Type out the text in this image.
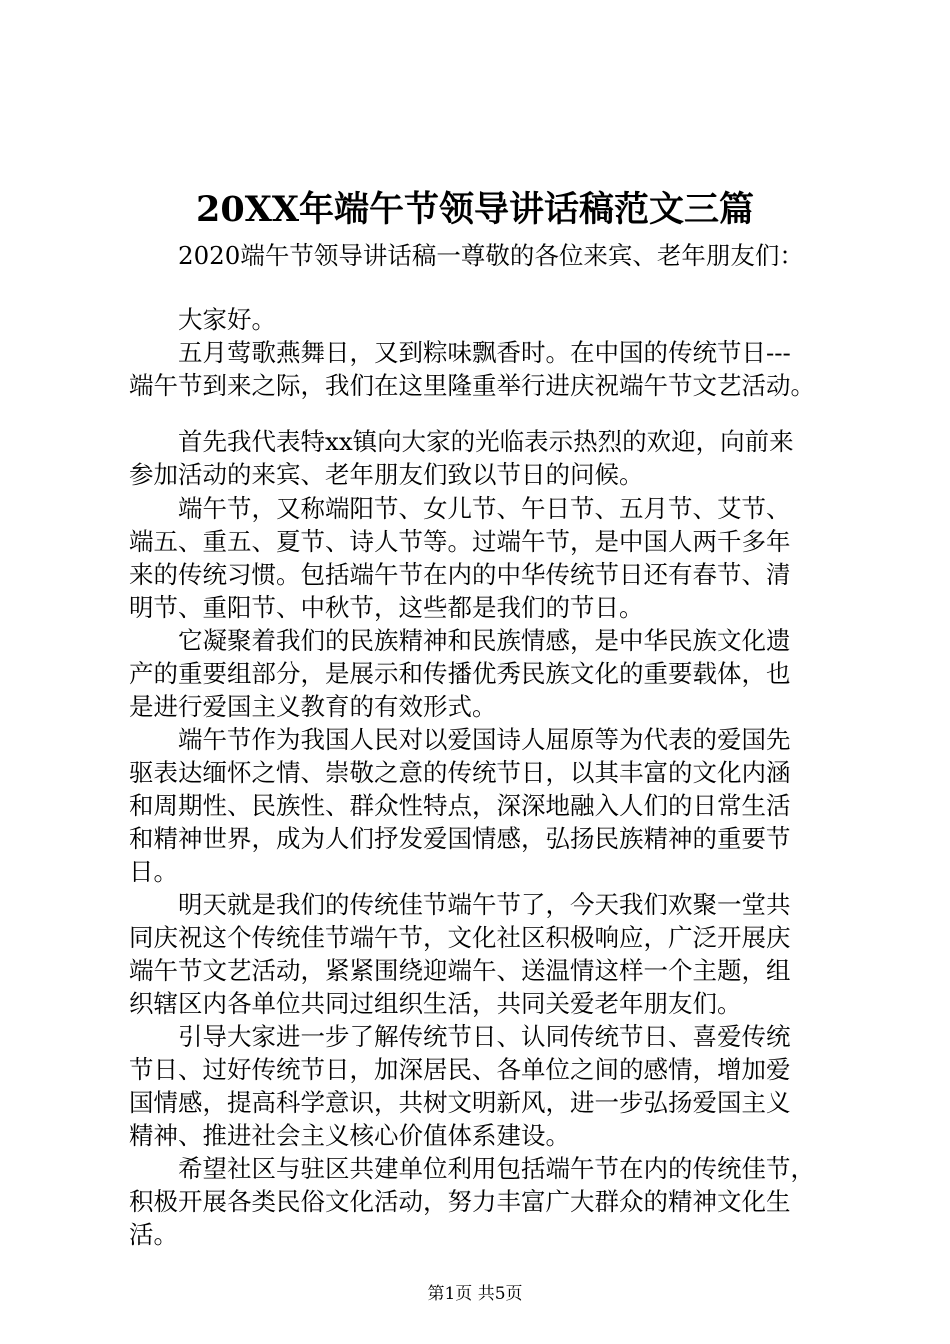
20XX年端午节领导讲话稿范文三篇
2020端午节领导讲话稿一尊敬的各位来宾、老年朋友们：
大家好。
五月莺歌燕舞日，又到粽味飘香时。在中国的传统节日---
端午节到来之际，我们在这里隆重举行进庆祝端午节文艺活动。
首先我代表特xx镇向大家的光临表示热烈的欢迎，向前来
参加活动的来宾、老年朋友们致以节日的问候。
端午节，又称端阳节、女儿节、午日节、五月节、艾节、
端五、重五、夏节、诗人节等。过端午节，是中国人两千多年
来的传统习惯。包括端午节在内的中华传统节日还有春节、清
明节、重阳节、中秋节，这些都是我们的节日。
它凝聚着我们的民族精神和民族情感，是中华民族文化遗
产的重要组部分，是展示和传播优秀民族文化的重要载体，也
是进行爱国主义教育的有效形式。
端午节作为我国人民对以爱国诗人屈原等为代表的爱国先
驱表达缅怀之情、崇敬之意的传统节日，以其丰富的文化内涵
和周期性、民族性、群众性特点，深深地融入人们的日常生活
和精神世界，成为人们抒发爱国情感，弘扬民族精神的重要节
日。
明天就是我们的传统佳节端午节了，今天我们欢聚一堂共
同庆祝这个传统佳节端午节，文化社区积极响应，广泛开展庆
端午节文艺活动，紧紧围绕迎端午、送温情这样一个主题，组
织辖区内各单位共同过组织生活，共同关爱老年朋友们。
引导大家进一步了解传统节日、认同传统节日、喜爱传统
节日、过好传统节日，加深居民、各单位之间的感情，增加爱
国情感，提高科学意识，共树文明新风，进一步弘扬爱国主义
精神、推进社会主义核心价值体系建设。
希望社区与驻区共建单位利用包括端午节在内的传统佳节，
积极开展各类民俗文化活动，努力丰富广大群众的精神文化生
活。
第1页 共5页
